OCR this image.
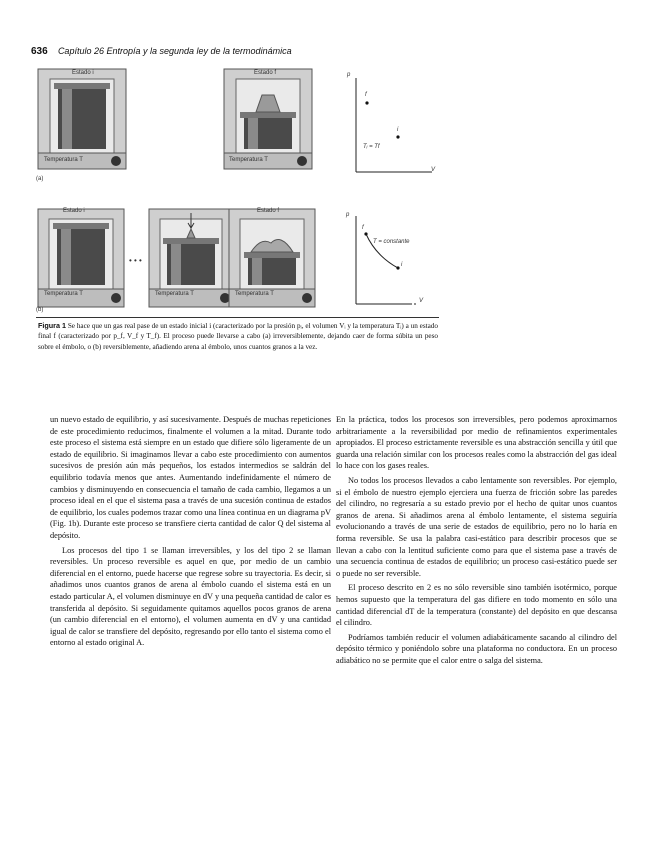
636 Capítulo 26 Entropía y la segunda ley de la termodinámica
Estado i
Temperatura T
Estado f
Temperatura T
(a)
p
V
f
i
Tᵢ = Tf
Estado i
Temperatura T
(b)
• • •
Temperatura T
Estado f
Temperatura T
p
V
f
i
T = constante
Figura 1 Se hace que un gas real pase de un estado inicial i (caracterizado por la presión pᵢ, el volumen Vᵢ y la temperatura Tᵢ) a un estado final f (caracterizado por p_f, V_f y T_f). El proceso puede llevarse a cabo (a) irreversiblemente, dejando caer de forma súbita un peso sobre el émbolo, o (b) reversiblemente, añadiendo arena al émbolo, unos cuantos granos a la vez.

un nuevo estado de equilibrio, y así sucesivamente. Después de muchas repeticiones de este procedimiento reducimos, finalmente el volumen a la mitad. Durante todo este proceso el sistema está siempre en un estado que difiere sólo ligeramente de un estado de equilibrio. Si imaginamos llevar a cabo este procedimiento con aumentos sucesivos de presión aún más pequeños, los estados intermedios se saldrán del equilibrio todavía menos que antes. Aumentando indefinidamente el número de cambios y disminuyendo en consecuencia el tamaño de cada cambio, llegamos a un proceso ideal en el que el sistema pasa a través de una sucesión continua de estados de equilibrio, los cuales podemos trazar como una línea continua en un diagrama pV (Fig. 1b). Durante este proceso se transfiere cierta cantidad de calor Q del sistema al depósito.

Los procesos del tipo 1 se llaman irreversibles, y los del tipo 2 se llaman reversibles. Un proceso reversible es aquel en que, por medio de un cambio diferencial en el entorno, puede hacerse que regrese sobre su trayectoria. Es decir, si añadimos unos cuantos granos de arena al émbolo cuando el sistema está en un estado particular A, el volumen disminuye en dV y una pequeña cantidad de calor es transferida al depósito. Si seguidamente quitamos aquellos pocos granos de arena (un cambio diferencial en el entorno), el volumen aumenta en dV y una cantidad igual de calor se transfiere del depósito, regresando por ello tanto el sistema como el entorno al estado original A.

En la práctica, todos los procesos son irreversibles, pero podemos aproximarnos arbitrariamente a la reversibilidad por medio de refinamientos experimentales apropiados. El proceso estrictamente reversible es una abstracción sencilla y útil que guarda una relación similar con los procesos reales como la abstracción del gas ideal lo hace con los gases reales.

No todos los procesos llevados a cabo lentamente son reversibles. Por ejemplo, si el émbolo de nuestro ejemplo ejerciera una fuerza de fricción sobre las paredes del cilindro, no regresaría a su estado previo por el hecho de quitar unos cuantos granos de arena. Si añadimos arena al émbolo lentamente, el sistema seguiría evolucionando a través de una serie de estados de equilibrio, pero no lo haría en forma reversible. Se usa la palabra casi-estático para describir procesos que se llevan a cabo con la lentitud suficiente como para que el sistema pase a través de una secuencia continua de estados de equilibrio; un proceso casi-estático puede ser o puede no ser reversible.

El proceso descrito en 2 es no sólo reversible sino también isotérmico, porque hemos supuesto que la temperatura del gas difiere en todo momento en sólo una cantidad diferencial dT de la temperatura (constante) del depósito en que descansa el cilindro.

Podríamos también reducir el volumen adiabáticamente sacando al cilindro del depósito térmico y poniéndolo sobre una plataforma no conductora. En un proceso adiabático no se permite que el calor entre o salga del sistema.
